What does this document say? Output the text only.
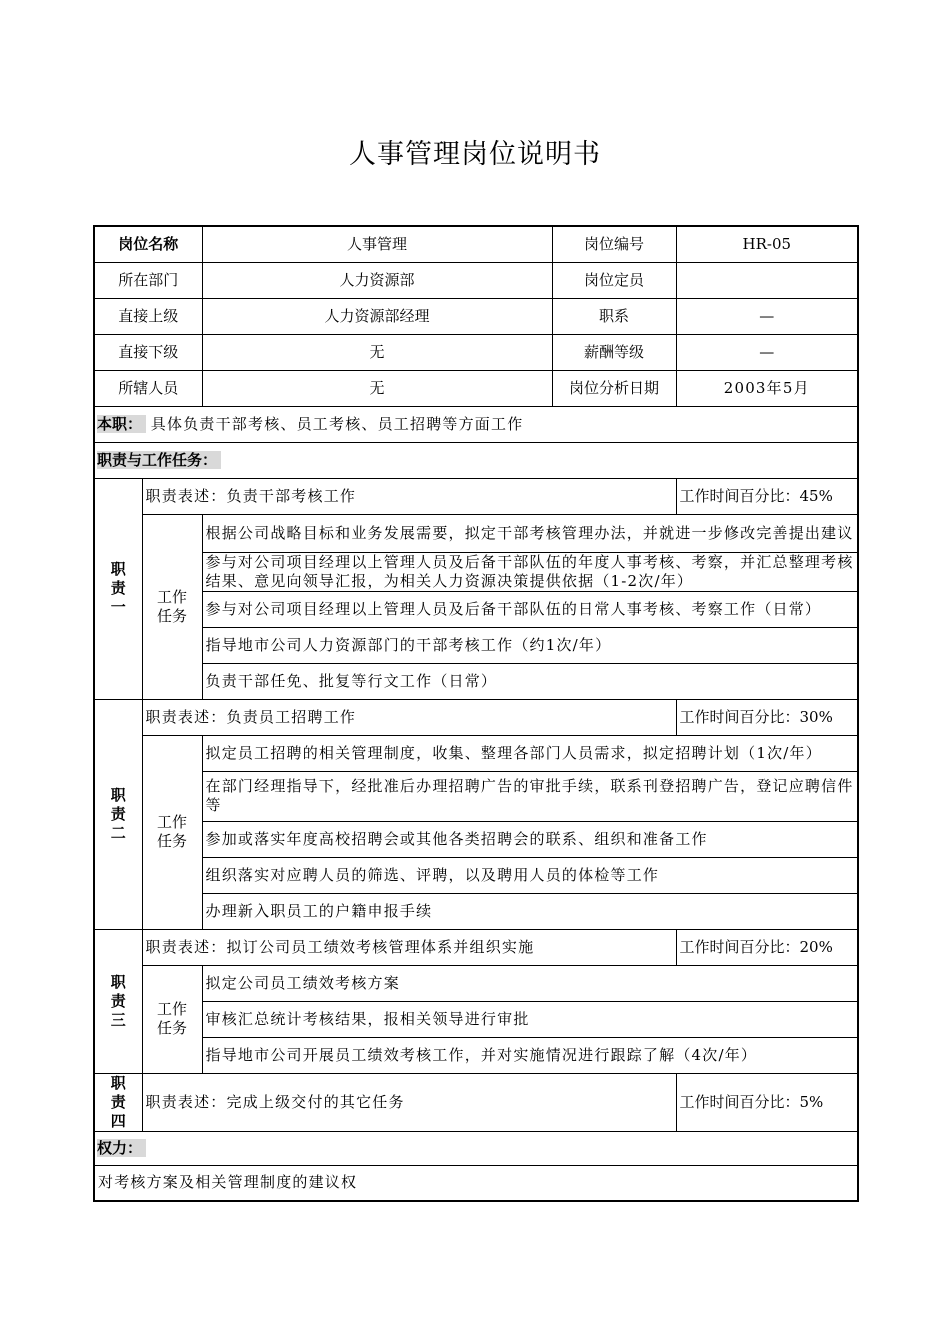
人事管理岗位说明书
岗位名称		人事管理	岗位编号	HR-05
所在部门		人力资源部	岗位定员	
直接上级		人力资源部经理	职系	—
直接下级		无	薪酬等级	—
所辖人员		无	岗位分析日期	2003年5月
本职： 具体负责干部考核、员工考核、员工招聘等方面工作				
职责与工作任务：				
职责一	职责表述：负责干部考核工作			工作时间百分比：45%
	工作任务	根据公司战略目标和业务发展需要，拟定干部考核管理办法，并就进一步修改完善提出建议		
		参与对公司项目经理以上管理人员及后备干部队伍的年度人事考核、考察，并汇总整理考核结果、意见向领导汇报，为相关人力资源决策提供依据（1-2次/年）		
		参与对公司项目经理以上管理人员及后备干部队伍的日常人事考核、考察工作（日常）		
		指导地市公司人力资源部门的干部考核工作（约1次/年）		
		负责干部任免、批复等行文工作（日常）		
职责二	职责表述：负责员工招聘工作			工作时间百分比：30%
	工作任务	拟定员工招聘的相关管理制度，收集、整理各部门人员需求，拟定招聘计划（1次/年）		
		在部门经理指导下，经批准后办理招聘广告的审批手续，联系刊登招聘广告，登记应聘信件等		
		参加或落实年度高校招聘会或其他各类招聘会的联系、组织和准备工作		
		组织落实对应聘人员的筛选、评聘，以及聘用人员的体检等工作		
		办理新入职员工的户籍申报手续		
职责三	职责表述：拟订公司员工绩效考核管理体系并组织实施			工作时间百分比：20%
	工作任务	拟定公司员工绩效考核方案		
		审核汇总统计考核结果，报相关领导进行审批		
		指导地市公司开展员工绩效考核工作，并对实施情况进行跟踪了解（4次/年）		
职责四	职责表述：完成上级交付的其它任务			工作时间百分比：5%
权力：				
对考核方案及相关管理制度的建议权				
